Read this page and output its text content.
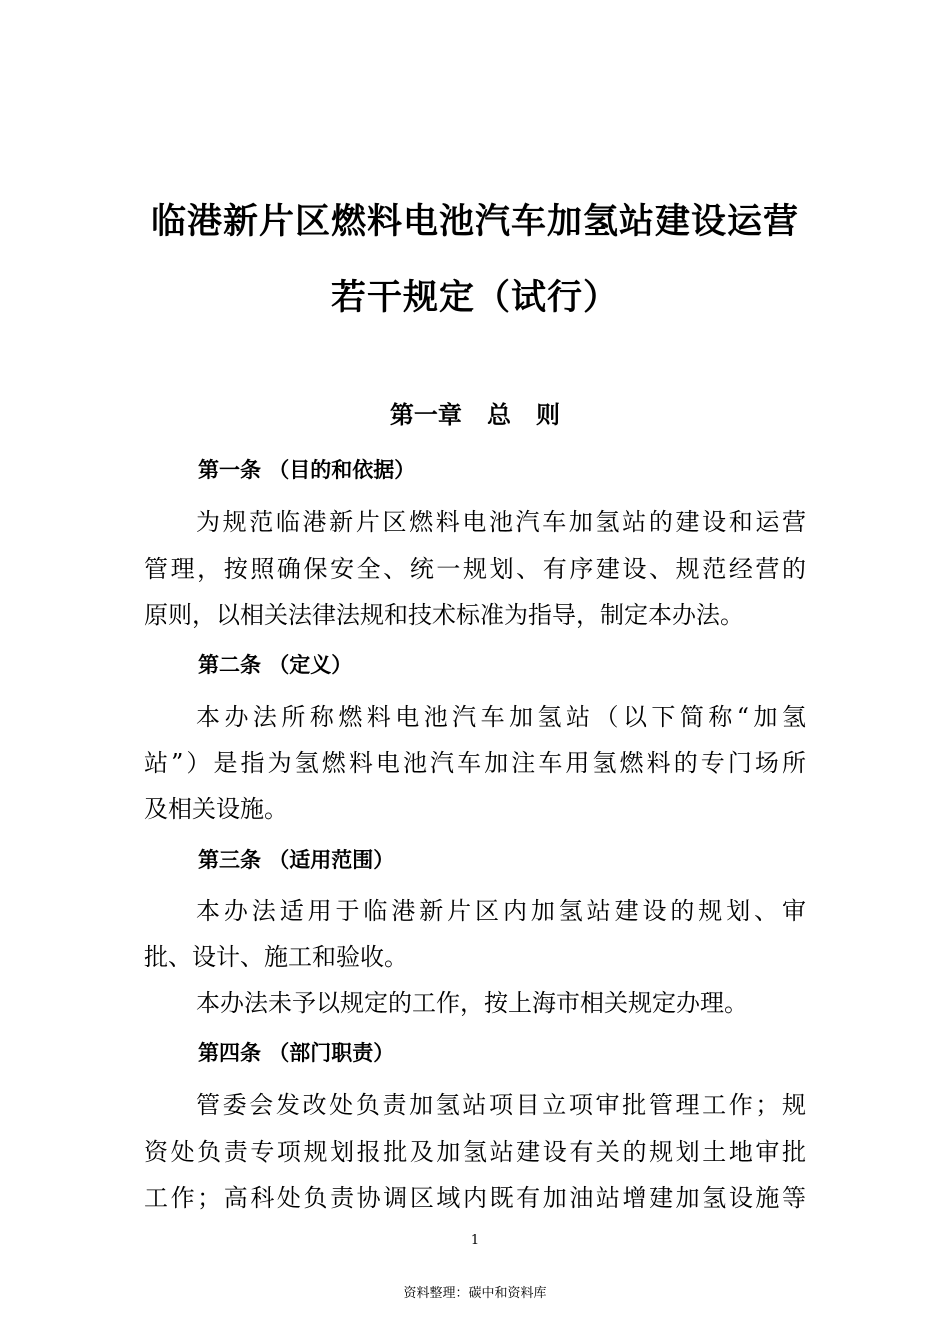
临港新片区燃料电池汽车加氢站建设运营
若干规定（试行）
第一章   总   则
第一条 （目的和依据）
为规范临港新片区燃料电池汽车加氢站的建设和运营
管理，按照确保安全、统一规划、有序建设、规范经营的
原则，以相关法律法规和技术标准为指导，制定本办法。
第二条 （定义）
本办法所称燃料电池汽车加氢站（以下简称“加氢
站”）是指为氢燃料电池汽车加注车用氢燃料的专门场所
及相关设施。
第三条 （适用范围）
本办法适用于临港新片区内加氢站建设的规划、审
批、设计、施工和验收。
本办法未予以规定的工作，按上海市相关规定办理。
第四条 （部门职责）
管委会发改处负责加氢站项目立项审批管理工作；规
资处负责专项规划报批及加氢站建设有关的规划土地审批
工作；高科处负责协调区域内既有加油站增建加氢设施等
1
资料整理：碳中和资料库
